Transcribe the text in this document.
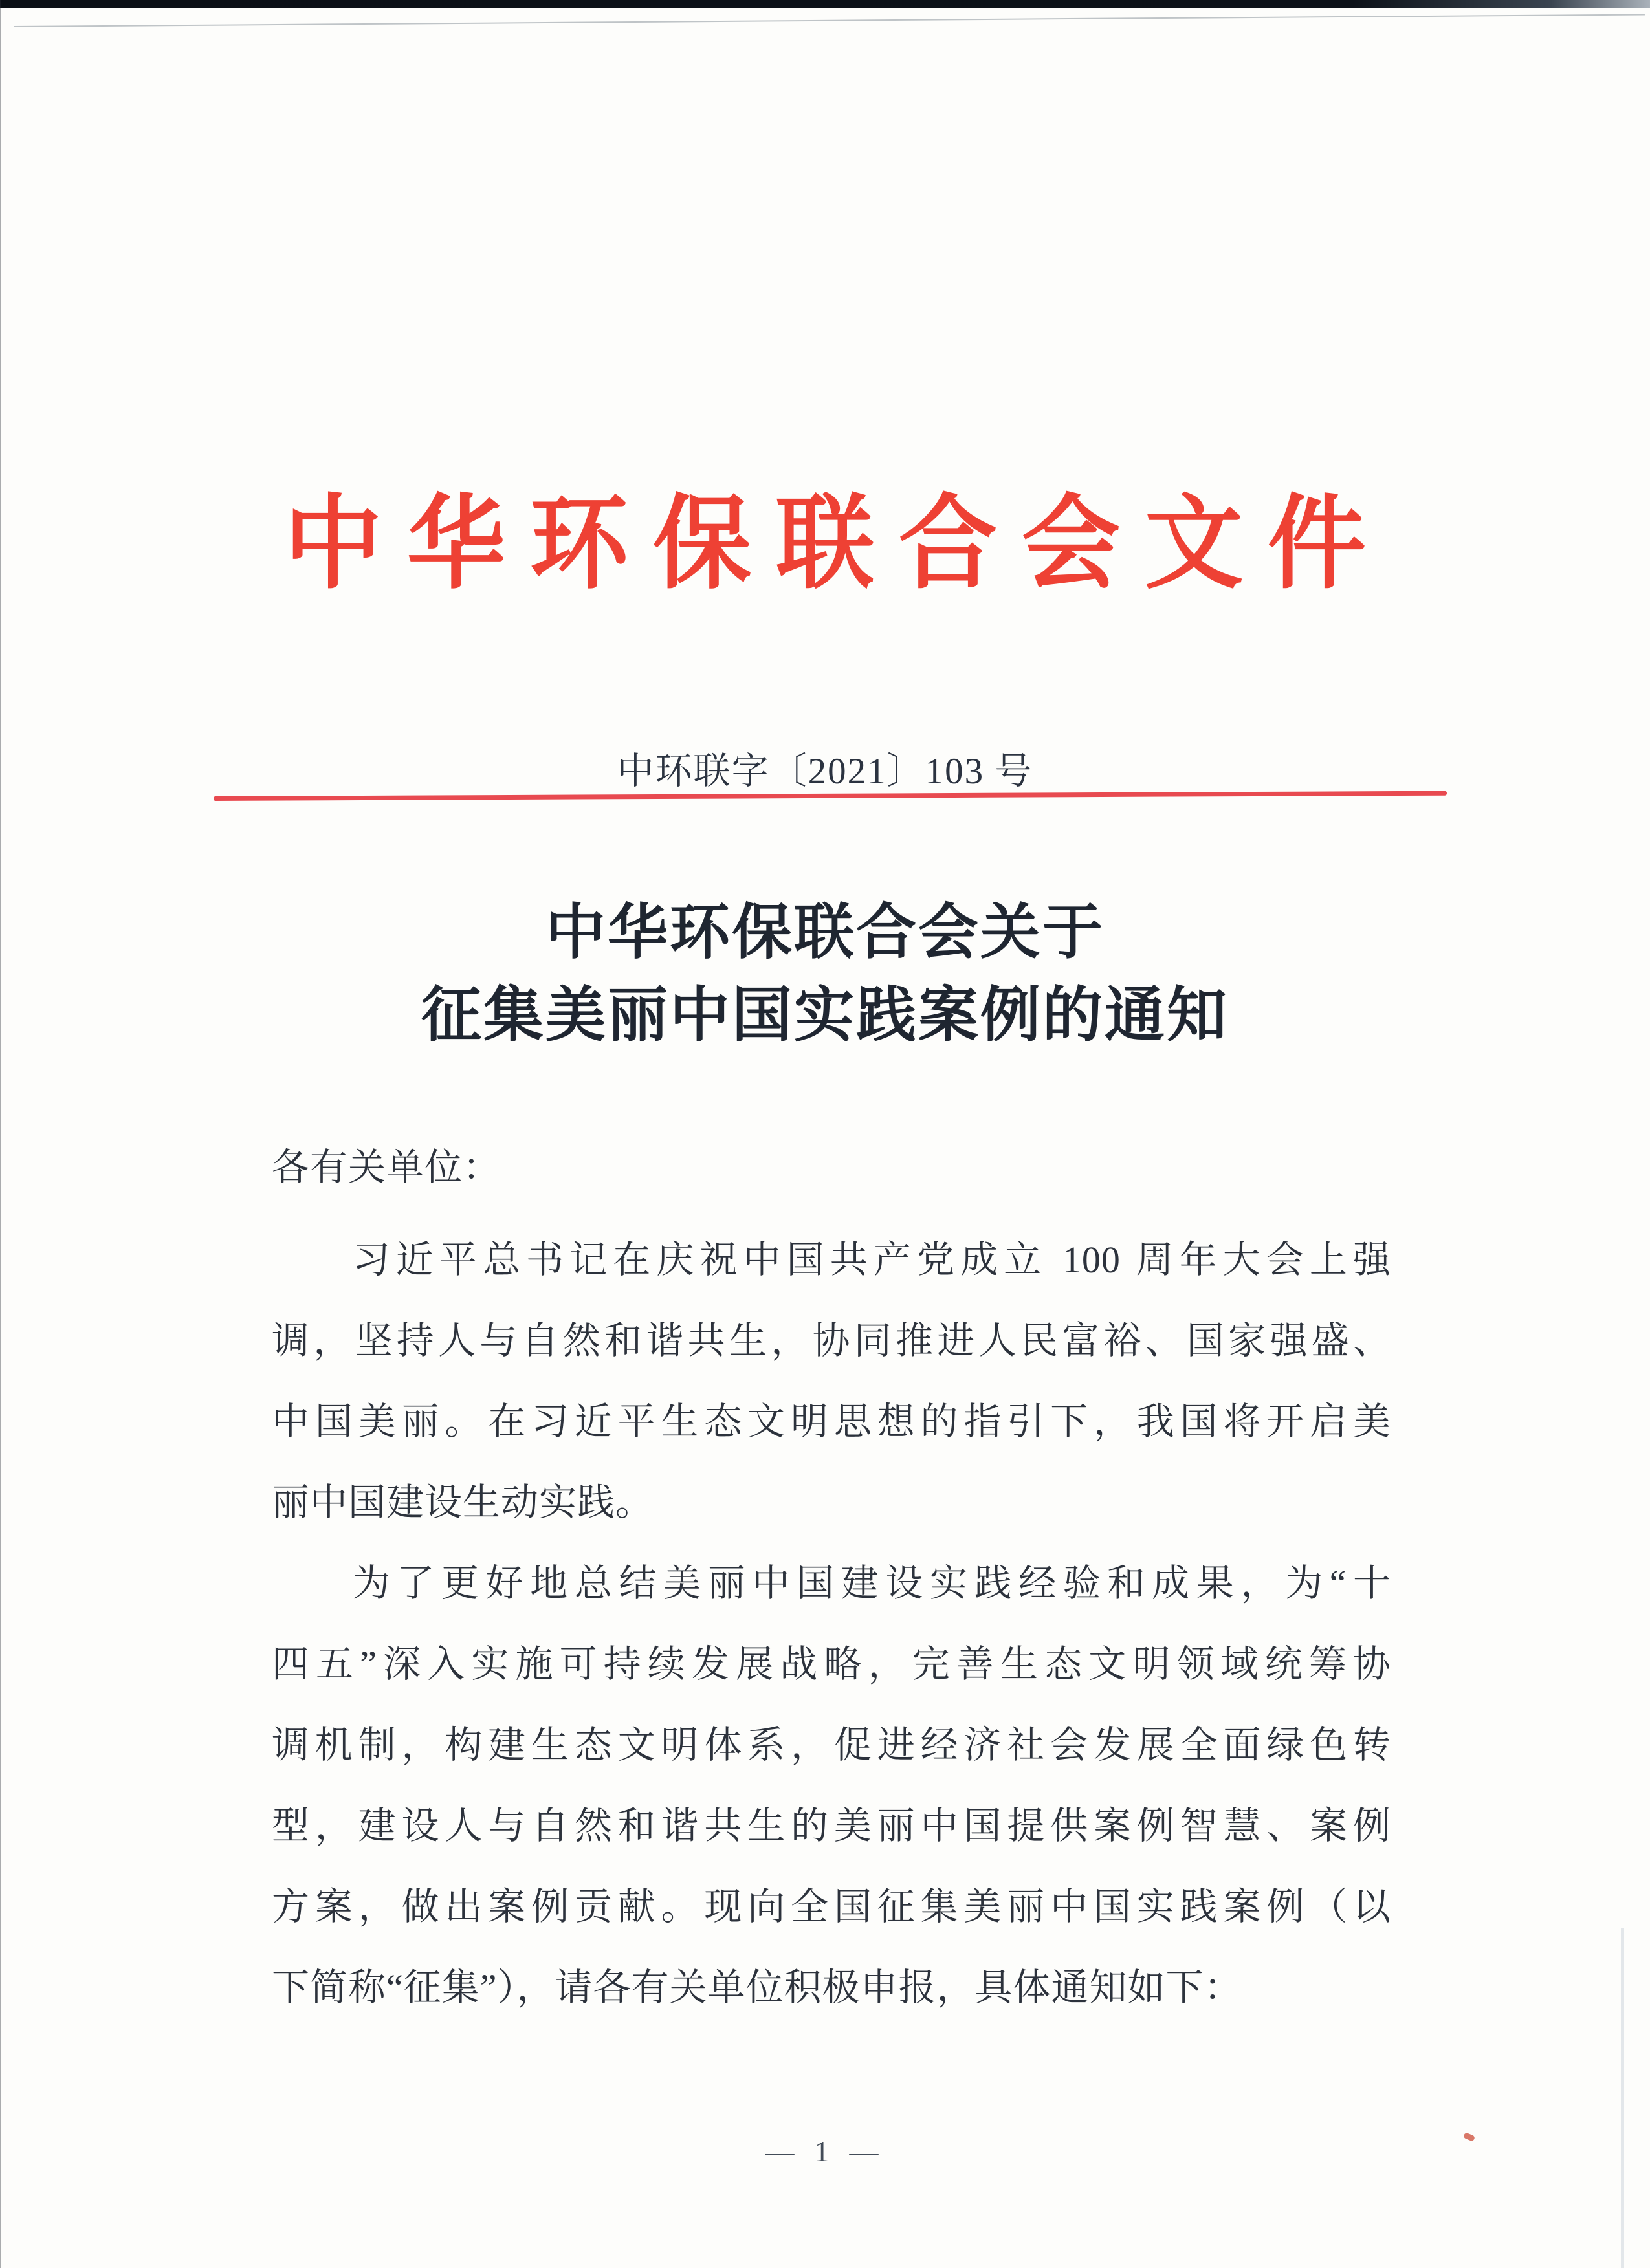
中华环保联合会文件
中环联字〔2021〕103 号
中华环保联合会关于
征集美丽中国实践案例的通知
各有关单位：
习近平总书记在庆祝中国共产党成立 100 周年大会上强
调，坚持人与自然和谐共生，协同推进人民富裕、国家强盛、
中国美丽。在习近平生态文明思想的指引下，我国将开启美
丽中国建设生动实践。
为了更好地总结美丽中国建设实践经验和成果，为“十
四五”深入实施可持续发展战略，完善生态文明领域统筹协
调机制，构建生态文明体系，促进经济社会发展全面绿色转
型，建设人与自然和谐共生的美丽中国提供案例智慧、案例
方案，做出案例贡献。现向全国征集美丽中国实践案例（以
下简称“征集”），请各有关单位积极申报，具体通知如下：
— 1 —
